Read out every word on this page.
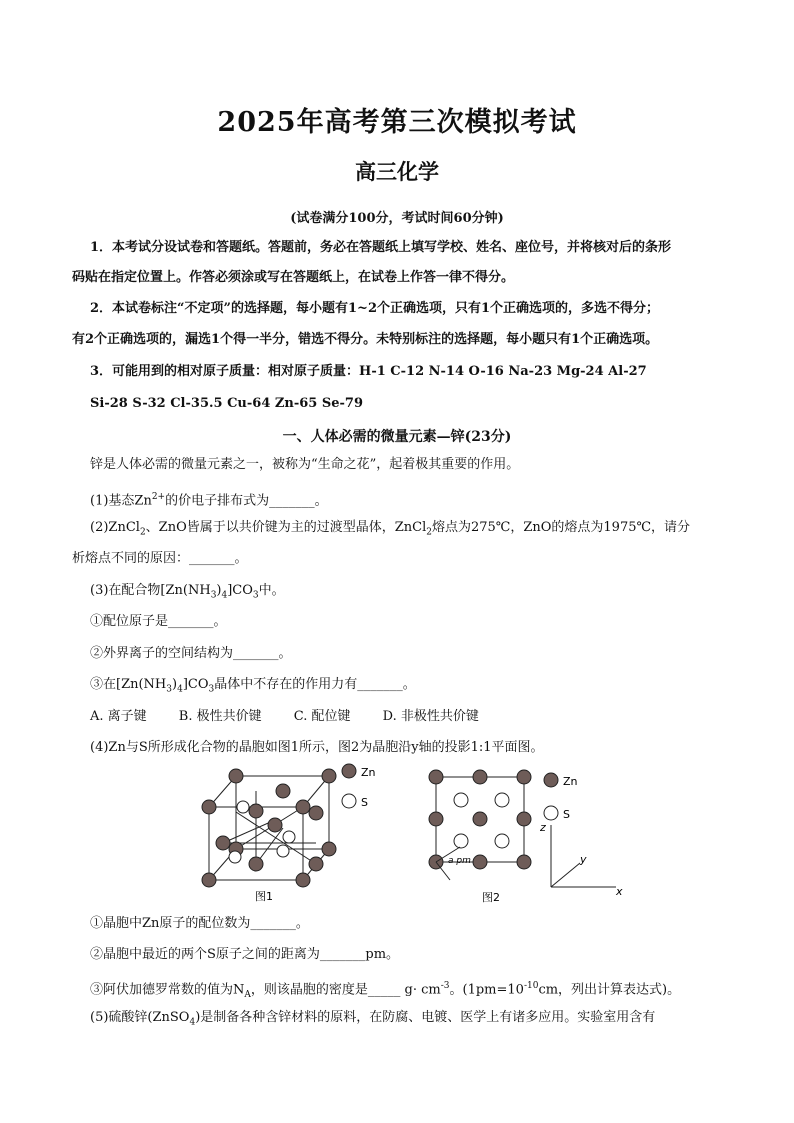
2025年高考第三次模拟考试
高三化学
(试卷满分100分，考试时间60分钟)
1．本考试分设试卷和答题纸。答题前，务必在答题纸上填写学校、姓名、座位号，并将核对后的条形
码贴在指定位置上。作答必须涂或写在答题纸上，在试卷上作答一律不得分。
2．本试卷标注“不定项”的选择题，每小题有1~2个正确选项，只有1个正确选项的，多选不得分；
有2个正确选项的，漏选1个得一半分，错选不得分。未特别标注的选择题，每小题只有1个正确选项。
3．可能用到的相对原子质量：相对原子质量：H-1 C-12 N-14 O-16 Na-23 Mg-24 Al-27
Si-28 S-32 Cl-35.5 Cu-64 Zn-65 Se-79
一、人体必需的微量元素—锌(23分)
锌是人体必需的微量元素之一，被称为“生命之花”，起着极其重要的作用。
(1)基态$Zn^{2+}$的价电子排布式为_______。
(2)ZnCl$_2$、ZnO皆属于以共价键为主的过渡型晶体，ZnCl$_2$熔点为275℃，ZnO的熔点为1975℃，请分
析熔点不同的原因：_______。
(3)在配合物$[Zn(NH_3)_4]CO_3$中。
①配位原子是_______。
②外界离子的空间结构为_______。
③在$[Zn(NH_3)_4]CO_3$晶体中不存在的作用力有_______。
A. 离子键 B. 极性共价键 C. 配位键 D. 非极性共价键
(4)Zn与S所形成化合物的晶胞如图1所示，图2为晶胞沿y轴的投影1:1平面图。
Zn
S
图1
a pm
Zn
S
z
y
x
图2
①晶胞中Zn原子的配位数为_______。
②晶胞中最近的两个S原子之间的距离为_______pm。
③阿伏加德罗常数的值为$N_A$，则该晶胞的密度是_____ $g\cdot cm^{-3}$。($1pm=10^{-10}cm$，列出计算表达式)。
(5)硫酸锌(ZnSO$_4$)是制备各种含锌材料的原料，在防腐、电镀、医学上有诸多应用。实验室用含有
